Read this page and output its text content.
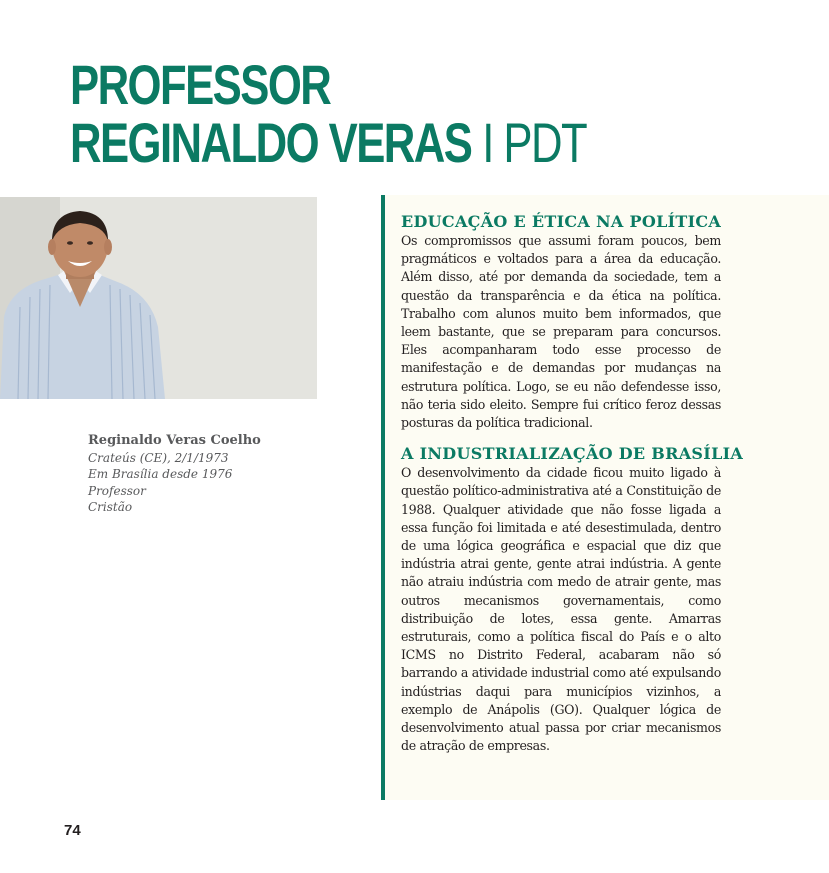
PROFESSOR
REGINALDO VERAS I PDT
Reginaldo Veras Coelho
Crateús (CE), 2/1/1973
Em Brasília desde 1976
Professor
Cristão
EDUCAÇÃO E ÉTICA NA POLÍTICA

Os compromissos que assumi foram poucos, bem pragmáticos e voltados para a área da educação. Além disso, até por demanda da sociedade, tem a questão da transparência e da ética na política. Trabalho com alunos muito bem informados, que leem bastante, que se preparam para concursos. Eles acompanharam todo esse processo de manifestação e de demandas por mudanças na estrutura política. Logo, se eu não defendesse isso, não teria sido eleito. Sempre fui crítico feroz dessas posturas da política tradicional.

A INDUSTRIALIZAÇÃO DE BRASÍLIA

O desenvolvimento da cidade ficou muito ligado à questão político-administrativa até a Constituição de 1988. Qualquer atividade que não fosse ligada a essa função foi limitada e até desestimulada, dentro de uma lógica geográfica e espacial que diz que indústria atrai gente, gente atrai indústria. A gente não atraiu indústria com medo de atrair gente, mas outros mecanismos governamentais, como distribuição de lotes, essa gente. Amarras estruturais, como a política fiscal do País e o alto ICMS no Distrito Federal, acabaram não só barrando a atividade industrial como até expulsando indústrias daqui para municípios vizinhos, a exemplo de Anápolis (GO). Qualquer lógica de desenvolvimento atual passa por criar mecanismos de atração de empresas.

74
